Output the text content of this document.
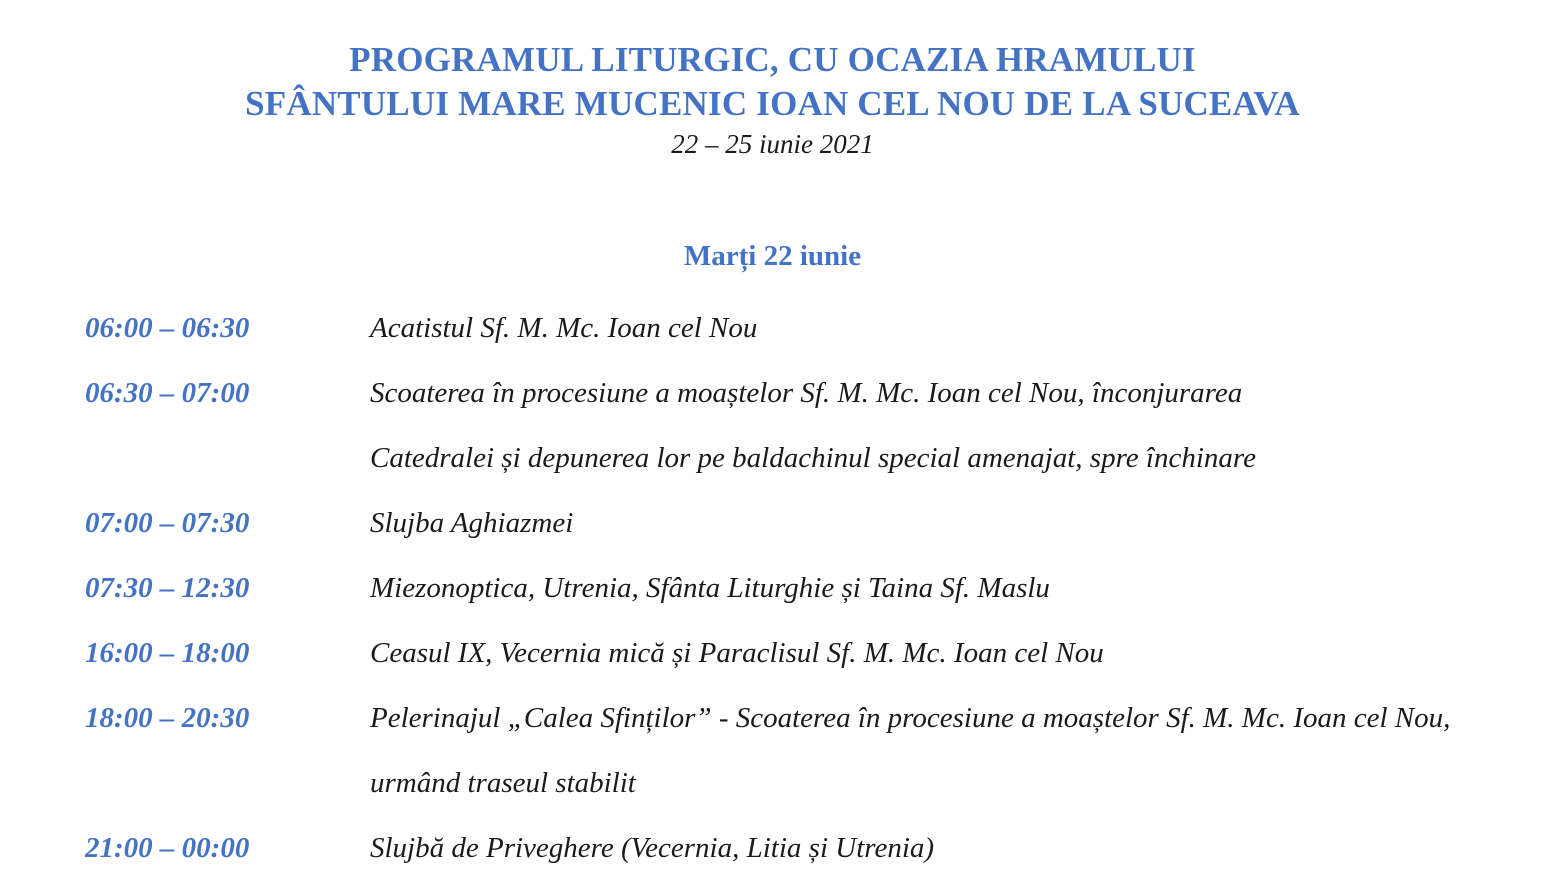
PROGRAMUL LITURGIC, CU OCAZIA HRAMULUI
SFÂNTULUI MARE MUCENIC IOAN CEL NOU DE LA SUCEAVA
22 – 25 iunie 2021
Marți 22 iunie
06:00 – 06:30	Acatistul Sf. M. Mc. Ioan cel Nou
06:30 – 07:00	Scoaterea în procesiune a moaștelor Sf. M. Mc. Ioan cel Nou, înconjurarea Catedralei și depunerea lor pe baldachinul special amenajat, spre închinare
07:00 – 07:30	Slujba Aghiazmei
07:30 – 12:30	Miezonoptica, Utrenia, Sfânta Liturghie și Taina Sf. Maslu
16:00 – 18:00	Ceasul IX, Vecernia mică și Paraclisul Sf. M. Mc. Ioan cel Nou
18:00 – 20:30	Pelerinajul „Calea Sfinților” - Scoaterea în procesiune a moaștelor Sf. M. Mc. Ioan cel Nou, urmând traseul stabilit
21:00 – 00:00	Slujbă de Priveghere (Vecernia, Litia și Utrenia)
